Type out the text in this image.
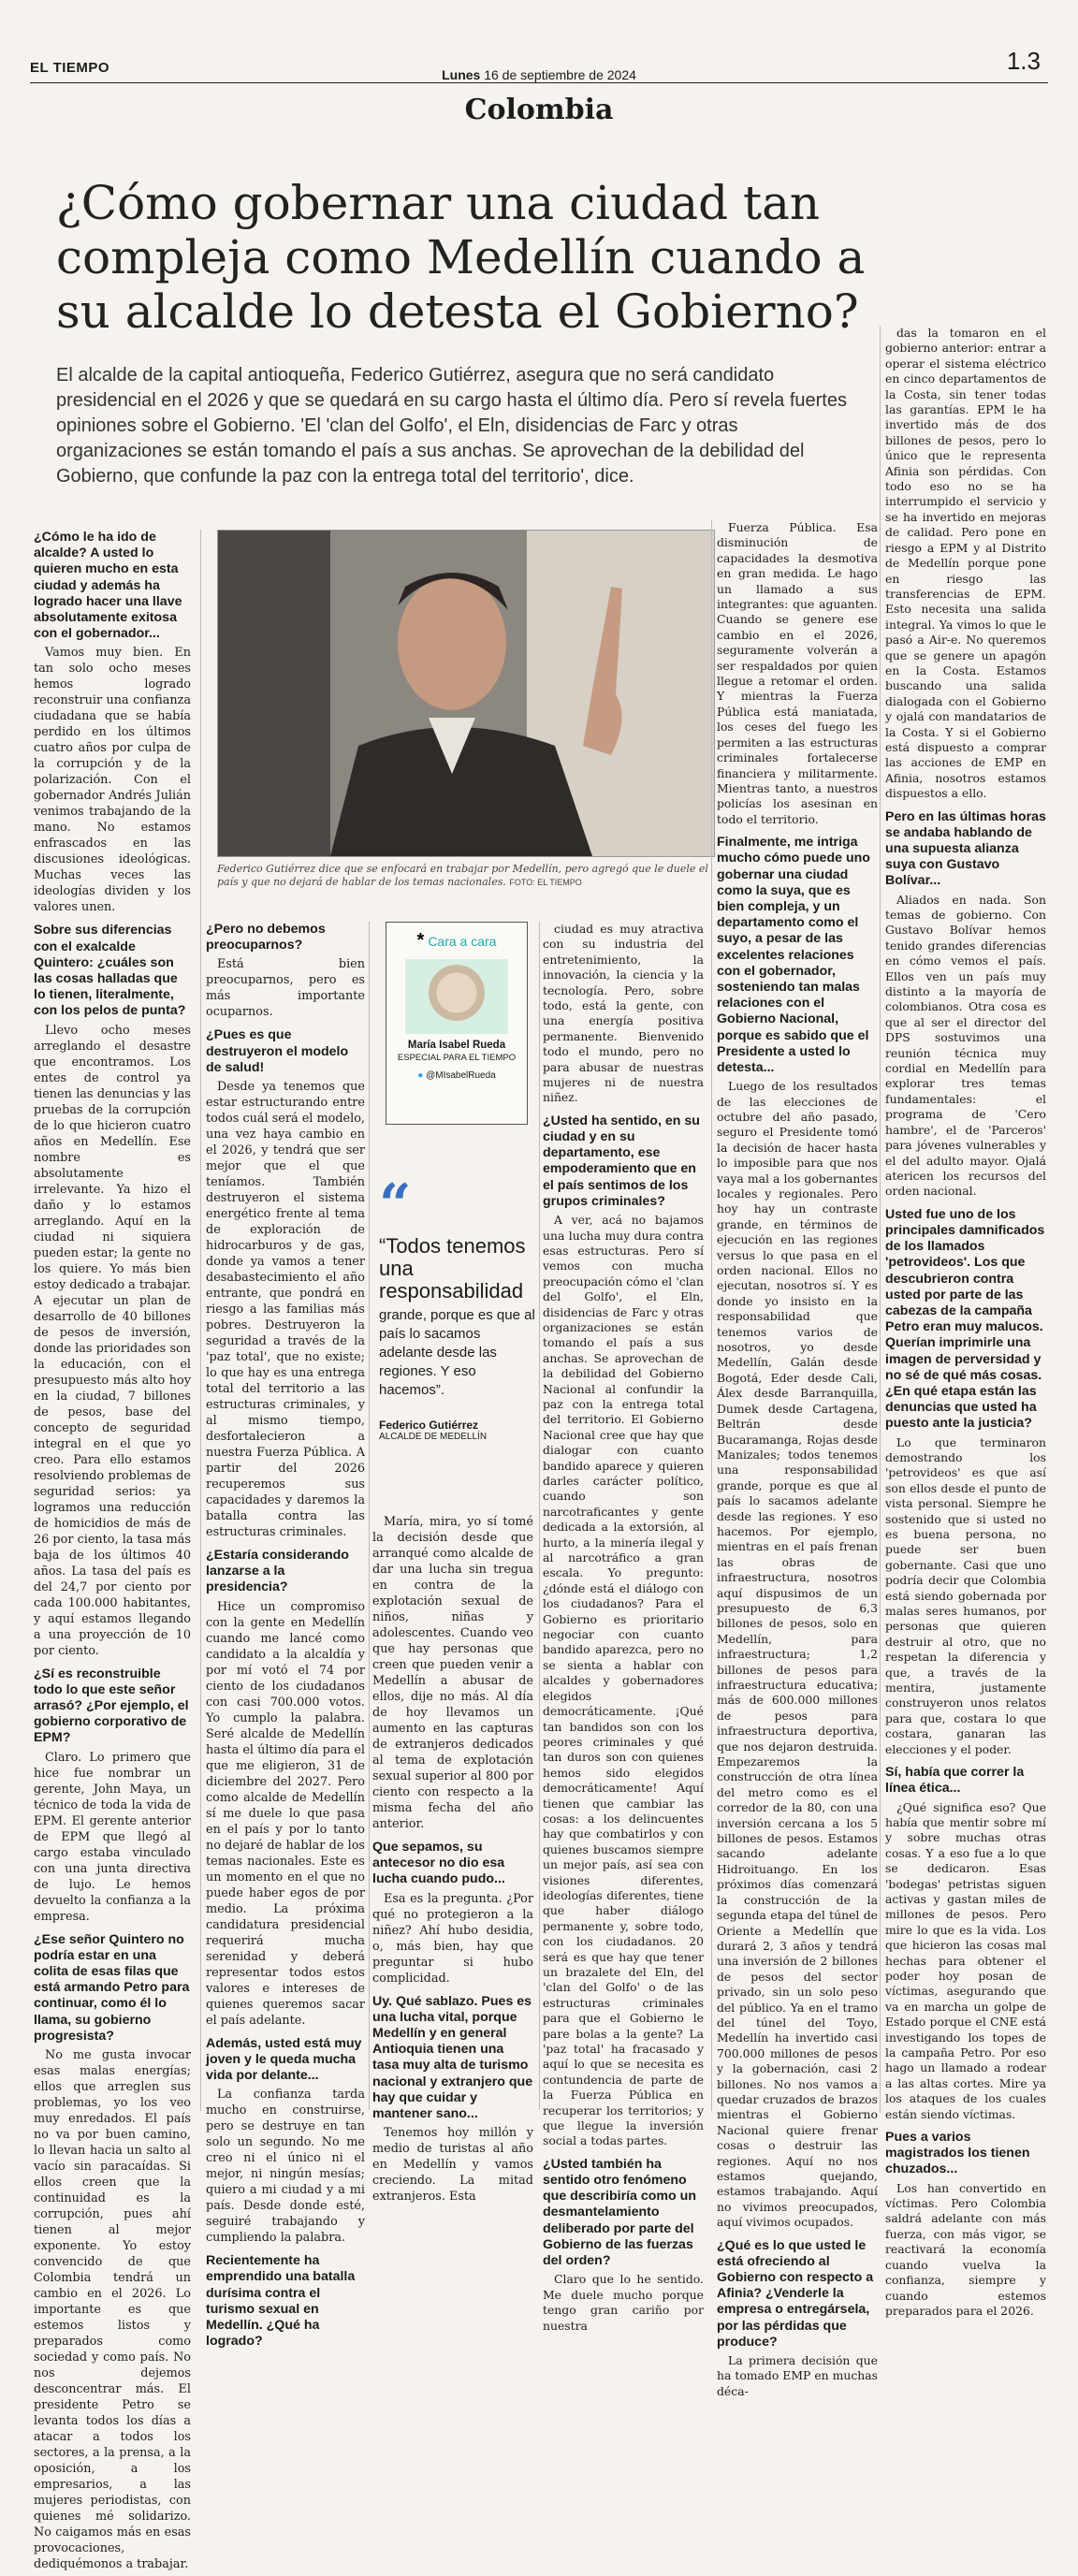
EL TIEMPO	Lunes 16 de septiembre de 2024	1.3
Colombia
¿Cómo gobernar una ciudad tan compleja como Medellín cuando a su alcalde lo detesta el Gobierno?
El alcalde de la capital antioqueña, Federico Gutiérrez, asegura que no será candidato presidencial en el 2026 y que se quedará en su cargo hasta el último día. Pero sí revela fuertes opiniones sobre el Gobierno. 'El 'clan del Golfo', el Eln, disidencias de Farc y otras organizaciones se están tomando el país a sus anchas. Se aprovechan de la debilidad del Gobierno, que confunde la paz con la entrega total del territorio', dice.
Federico Gutiérrez dice que se enfocará en trabajar por Medellín, pero agregó que le duele el país y que no dejará de hablar de los temas nacionales. FOTO: EL TIEMPO
* Cara a cara
María Isabel Rueda
ESPECIAL PARA EL TIEMPO
● @MIsabelRueda
“
“Todos tenemos una responsabilidad
grande, porque es que al país lo sacamos adelante desde las regiones. Y eso hacemos”.
Federico Gutiérrez
ALCALDE DE MEDELLÍN
¿Cómo le ha ido de alcalde? A usted lo quieren mucho en esta ciudad y además ha logrado hacer una llave absolutamente exitosa con el gobernador...

Vamos muy bien. En tan solo ocho meses hemos logrado reconstruir una confianza ciudadana que se había perdido en los últimos cuatro años por culpa de la corrupción y de la polarización. Con el gobernador Andrés Julián venimos trabajando de la mano. No estamos enfrascados en las discusiones ideológicas. Muchas veces las ideologías dividen y los valores unen.

Sobre sus diferencias con el exalcalde Quintero: ¿cuáles son las cosas halladas que lo tienen, literalmente, con los pelos de punta?

Llevo ocho meses arreglando el desastre que encontramos. Los entes de control ya tienen las denuncias y las pruebas de la corrupción de lo que hicieron cuatro años en Medellín. Ese nombre es absolutamente irrelevante. Ya hizo el daño y lo estamos arreglando. Aquí en la ciudad ni siquiera pueden estar; la gente no los quiere. Yo más bien estoy dedicado a trabajar. A ejecutar un plan de desarrollo de 40 billones de pesos de inversión, donde las prioridades son la educación, con el presupuesto más alto hoy en la ciudad, 7 billones de pesos, base del concepto de seguridad integral en el que yo creo. Para ello estamos resolviendo problemas de seguridad serios: ya logramos una reducción de homicidios de más de 26 por ciento, la tasa más baja de los últimos 40 años. La tasa del país es del 24,7 por ciento por cada 100.000 habitantes, y aquí estamos llegando a una proyección de 10 por ciento.

¿Sí es reconstruible todo lo que este señor arrasó? ¿Por ejemplo, el gobierno corporativo de EPM?

Claro. Lo primero que hice fue nombrar un gerente, John Maya, un técnico de toda la vida de EPM. El gerente anterior de EPM que llegó al cargo estaba vinculado con una junta directiva de lujo. Le hemos devuelto la confianza a la empresa.

¿Ese señor Quintero no podría estar en una colita de esas filas que está armando Petro para continuar, como él lo llama, su gobierno progresista?

No me gusta invocar esas malas energías; ellos que arreglen sus problemas, yo los veo muy enredados. El país no va por buen camino, lo llevan hacia un salto al vacío sin paracaídas. Si ellos creen que la continuidad es la corrupción, pues ahí tienen al mejor exponente. Yo estoy convencido de que Colombia tendrá un cambio en el 2026. Lo importante es que estemos listos y preparados como sociedad y como país. No nos dejemos desconcentrar más. El presidente Petro se levanta todos los días a atacar a todos los sectores, a la prensa, a la oposición, a los empresarios, a las mujeres periodistas, con quienes mé solidarizo. No caigamos más en esas provocaciones, dediquémonos a trabajar.

¿Pero no debemos preocuparnos?

Está bien preocuparnos, pero es más importante ocuparnos.

¿Pues es que destruyeron el modelo de salud!

Desde ya tenemos que estar estructurando entre todos cuál será el modelo, una vez haya cambio en el 2026, y tendrá que ser mejor que el que teníamos. También destruyeron el sistema energético frente al tema de exploración de hidrocarburos y de gas, donde ya vamos a tener desabastecimiento el año entrante, que pondrá en riesgo a las familias más pobres. Destruyeron la seguridad a través de la 'paz total', que no existe; lo que hay es una entrega total del territorio a las estructuras criminales, y al mismo tiempo, desfortalecieron a nuestra Fuerza Pública. A partir del 2026 recuperemos sus capacidades y daremos la batalla contra las estructuras criminales.

¿Estaría considerando lanzarse a la presidencia?

Hice un compromiso con la gente en Medellín cuando me lancé como candidato a la alcaldía y por mí votó el 74 por ciento de los ciudadanos con casi 700.000 votos. Yo cumplo la palabra. Seré alcalde de Medellín hasta el último día para el que me eligieron, 31 de diciembre del 2027. Pero como alcalde de Medellín sí me duele lo que pasa en el país y por lo tanto no dejaré de hablar de los temas nacionales. Este es un momento en el que no puede haber egos de por medio. La próxima candidatura presidencial requerirá mucha serenidad y deberá representar todos estos valores e intereses de quienes queremos sacar el país adelante.

Además, usted está muy joven y le queda mucha vida por delante...

La confianza tarda mucho en construirse, pero se destruye en tan solo un segundo. No me creo ni el único ni el mejor, ni ningún mesías; quiero a mi ciudad y a mi país. Desde donde esté, seguiré trabajando y cumpliendo la palabra.

Recientemente ha emprendido una batalla durísima contra el turismo sexual en Medellín. ¿Qué ha logrado?

María, mira, yo sí tomé la decisión desde que arranqué como alcalde de dar una lucha sin tregua en contra de la explotación sexual de niños, niñas y adolescentes. Cuando veo que hay personas que creen que pueden venir a Medellín a abusar de ellos, dije no más. Al día de hoy llevamos un aumento en las capturas de extranjeros dedicados al tema de explotación sexual superior al 800 por ciento con respecto a la misma fecha del año anterior.

Que sepamos, su antecesor no dio esa lucha cuando pudo...

Esa es la pregunta. ¿Por qué no protegieron a la niñez? Ahí hubo desidia, o, más bien, hay que preguntar si hubo complicidad.

Uy. Qué sablazo. Pues es una lucha vital, porque Medellín y en general Antioquia tienen una tasa muy alta de turismo nacional y extranjero que hay que cuidar y mantener sano...

Tenemos hoy millón y medio de turistas al año en Medellín y vamos creciendo. La mitad extranjeros. Esta

ciudad es muy atractiva con su industria del entretenimiento, la innovación, la ciencia y la tecnología. Pero, sobre todo, está la gente, con una energía positiva permanente. Bienvenido todo el mundo, pero no para abusar de nuestras mujeres ni de nuestra niñez.

¿Usted ha sentido, en su ciudad y en su departamento, ese empoderamiento que en el país sentimos de los grupos criminales?

A ver, acá no bajamos una lucha muy dura contra esas estructuras. Pero sí vemos con mucha preocupación cómo el 'clan del Golfo', el Eln, disidencias de Farc y otras organizaciones se están tomando el país a sus anchas. Se aprovechan de la debilidad del Gobierno Nacional al confundir la paz con la entrega total del territorio. El Gobierno Nacional cree que hay que dialogar con cuanto bandido aparece y quieren darles carácter político, cuando son narcotraficantes y gente dedicada a la extorsión, al hurto, a la minería ilegal y al narcotráfico a gran escala. Yo pregunto: ¿dónde está el diálogo con los ciudadanos? Para el Gobierno es prioritario negociar con cuanto bandido aparezca, pero no se sienta a hablar con alcaldes y gobernadores elegidos democráticamente. ¡Qué tan bandidos son con los peores criminales y qué tan duros son con quienes hemos sido elegidos democráticamente! Aquí tienen que cambiar las cosas: a los delincuentes hay que combatirlos y con quienes buscamos siempre un mejor país, así sea con visiones diferentes, ideologías diferentes, tiene que haber diálogo permanente y, sobre todo, con los ciudadanos. 20 será es que hay que tener un brazalete del Eln, del 'clan del Golfo' o de las estructuras criminales para que el Gobierno le pare bolas a la gente? La 'paz total' ha fracasado y aquí lo que se necesita es contundencia de parte de la Fuerza Pública en recuperar los territorios; y que llegue la inversión social a todas partes.

¿Usted también ha sentido otro fenómeno que describiría como un desmantelamiento deliberado por parte del Gobierno de las fuerzas del orden?

Claro que lo he sentido. Me duele mucho porque tengo gran cariño por nuestra

Fuerza Pública. Esa disminución de capacidades la desmotiva en gran medida. Le hago un llamado a sus integrantes: que aguanten. Cuando se genere ese cambio en el 2026, seguramente volverán a ser respaldados por quien llegue a retomar el orden. Y mientras la Fuerza Pública está maniatada, los ceses del fuego les permiten a las estructuras criminales fortalecerse financiera y militarmente. Mientras tanto, a nuestros policías los asesinan en todo el territorio.

Finalmente, me intriga mucho cómo puede uno gobernar una ciudad como la suya, que es bien compleja, y un departamento como el suyo, a pesar de las excelentes relaciones con el gobernador, sosteniendo tan malas relaciones con el Gobierno Nacional, porque es sabido que el Presidente a usted lo detesta...

Luego de los resultados de las elecciones de octubre del año pasado, seguro el Presidente tomó la decisión de hacer hasta lo imposible para que nos vaya mal a los gobernantes locales y regionales. Pero hoy hay un contraste grande, en términos de ejecución en las regiones versus lo que pasa en el orden nacional. Ellos no ejecutan, nosotros sí. Y es donde yo insisto en la responsabilidad que tenemos varios de nosotros, yo desde Medellín, Galán desde Bogotá, Eder desde Cali, Álex desde Barranquilla, Dumek desde Cartagena, Beltrán desde Bucaramanga, Rojas desde Manizales; todos tenemos una responsabilidad grande, porque es que al país lo sacamos adelante desde las regiones. Y eso hacemos. Por ejemplo, mientras en el país frenan las obras de infraestructura, nosotros aquí dispusimos de un presupuesto de 6,3 billones de pesos, solo en Medellín, para infraestructura; 1,2 billones de pesos para infraestructura educativa; más de 600.000 millones de pesos para infraestructura deportiva, que nos dejaron destruida. Empezaremos la construcción de otra línea del metro como es el corredor de la 80, con una inversión cercana a los 5 billones de pesos. Estamos sacando adelante Hidroituango. En los próximos días comenzará la construcción de la segunda etapa del túnel de Oriente a Medellín que durará 2, 3 años y tendrá una inversión de 2 billones de pesos del sector privado, sin un solo peso del público. Ya en el tramo del túnel del Toyo, Medellín ha invertido casi 700.000 millones de pesos y la gobernación, casi 2 billones. No nos vamos a quedar cruzados de brazos mientras el Gobierno Nacional quiere frenar cosas o destruir las regiones. Aquí no nos estamos quejando, estamos trabajando. Aquí no vivimos preocupados, aquí vivimos ocupados.

¿Qué es lo que usted le está ofreciendo al Gobierno con respecto a Afinia? ¿Venderle la empresa o entregársela, por las pérdidas que produce?

La primera decisión que ha tomado EMP en muchas déca-

das la tomaron en el gobierno anterior: entrar a operar el sistema eléctrico en cinco departamentos de la Costa, sin tener todas las garantías. EPM le ha invertido más de dos billones de pesos, pero lo único que le representa Afinia son pérdidas. Con todo eso no se ha interrumpido el servicio y se ha invertido en mejoras de calidad. Pero pone en riesgo a EPM y al Distrito de Medellín porque pone en riesgo las transferencias de EPM. Esto necesita una salida integral. Ya vimos lo que le pasó a Air-e. No queremos que se genere un apagón en la Costa. Estamos buscando una salida dialogada con el Gobierno y ojalá con mandatarios de la Costa. Y si el Gobierno está dispuesto a comprar las acciones de EMP en Afinia, nosotros estamos dispuestos a ello.

Pero en las últimas horas se andaba hablando de una supuesta alianza suya con Gustavo Bolívar...

Aliados en nada. Son temas de gobierno. Con Gustavo Bolívar hemos tenido grandes diferencias en cómo vemos el país. Ellos ven un país muy distinto a la mayoría de colombianos. Otra cosa es que al ser el director del DPS sostuvimos una reunión técnica muy cordial en Medellín para explorar tres temas fundamentales: el programa de 'Cero hambre', el de 'Parceros' para jóvenes vulnerables y el del adulto mayor. Ojalá atericen los recursos del orden nacional.

Usted fue uno de los principales damnificados de los llamados 'petrovideos'. Los que descubrieron contra usted por parte de las cabezas de la campaña Petro eran muy malucos. Querían imprimirle una imagen de perversidad y no sé de qué más cosas. ¿En qué etapa están las denuncias que usted ha puesto ante la justicia?

Lo que terminaron demostrando los 'petrovideos' es que así son ellos desde el punto de vista personal. Siempre he sostenido que si usted no es buena persona, no puede ser buen gobernante. Casi que uno podría decir que Colombia está siendo gobernada por malas seres humanos, por personas que quieren destruir al otro, que no respetan la diferencia y que, a través de la mentira, justamente construyeron unos relatos para que, costara lo que costara, ganaran las elecciones y el poder.

Sí, había que correr la línea ética...

¿Qué significa eso? Que había que mentir sobre mí y sobre muchas otras cosas. Y a eso fue a lo que se dedicaron. Esas 'bodegas' petristas siguen activas y gastan miles de millones de pesos. Pero mire lo que es la vida. Los que hicieron las cosas mal hechas para obtener el poder hoy posan de víctimas, asegurando que va en marcha un golpe de Estado porque el CNE está investigando los topes de la campaña Petro. Por eso hago un llamado a rodear a las altas cortes. Mire ya los ataques de los cuales están siendo víctimas.

Pues a varios magistrados los tienen chuzados...

Los han convertido en víctimas. Pero Colombia saldrá adelante con más fuerza, con más vigor, se reactivará la economía cuando vuelva la confianza, siempre y cuando estemos preparados para el 2026.
